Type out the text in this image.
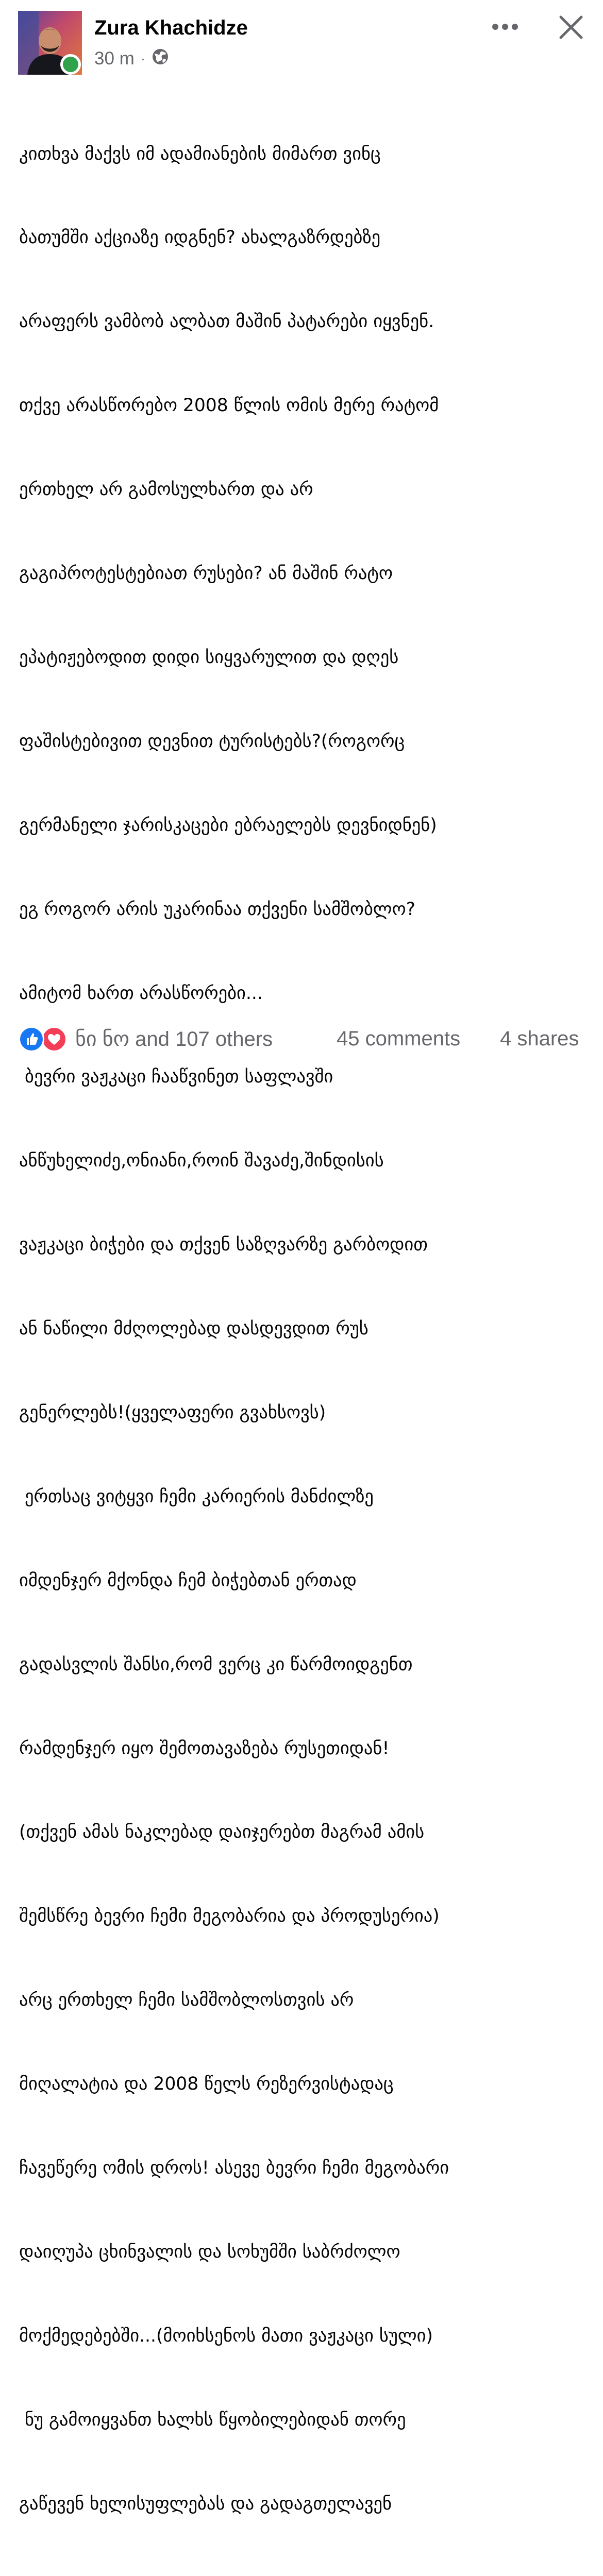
Zura Khachidze
30 m ·

კითხვა მაქვს იმ ადამიანების მიმართ ვინც

ბათუმში აქციაზე იდგნენ? ახალგაზრდებზე

არაფერს ვამბობ ალბათ მაშინ პატარები იყვნენ.

თქვე არასწორებო 2008 წლის ომის მერე რატომ

ერთხელ არ გამოსულხართ და არ

გაგიპროტესტებიათ რუსები? ან მაშინ რატო

ეპატიჟებოდით დიდი სიყვარულით და დღეს

ფაშისტებივით დევნით ტურისტებს?(როგორც

გერმანელი ჯარისკაცები ებრაელებს დევნიდნენ)

ეგ როგორ არის უკარინაა თქვენი სამშობლო?

ამიტომ ხართ არასწორები...

ბევრი ვაჟკაცი ჩააწვინეთ საფლავში

ანწუხელიძე,ონიანი,როინ შავაძე,შინდისის

ვაჟკაცი ბიჭები და თქვენ საზღვარზე გარბოდით

ან ნაწილი მძღოლებად დასდევდით რუს

გენერლებს!(ყველაფერი გვახსოვს)

ერთსაც ვიტყვი ჩემი კარიერის მანძილზე

იმდენჯერ მქონდა ჩემ ბიჭებთან ერთად

გადასვლის შანსი,რომ ვერც კი წარმოიდგენთ

რამდენჯერ იყო შემოთავაზება რუსეთიდან!

(თქვენ ამას ნაკლებად დაიჯერებთ მაგრამ ამის

შემსწრე ბევრი ჩემი მეგობარია და პროდუსერია)

არც ერთხელ ჩემი სამშობლოსთვის არ

მიღალატია და 2008 წელს რეზერვისტადაც

ჩავეწერე ომის დროს! ასევე ბევრი ჩემი მეგობარი

დაიღუპა ცხინვალის და სოხუმში საბრძოლო

მოქმედებებში...(მოიხსენოს მათი ვაჟკაცი სული)

ნუ გამოიყვანთ ხალხს წყობილებიდან თორე

გაწევენ ხელისუფლებას და გადაგთელავენ

ნი ნო and 107 others	45 comments 4 shares
